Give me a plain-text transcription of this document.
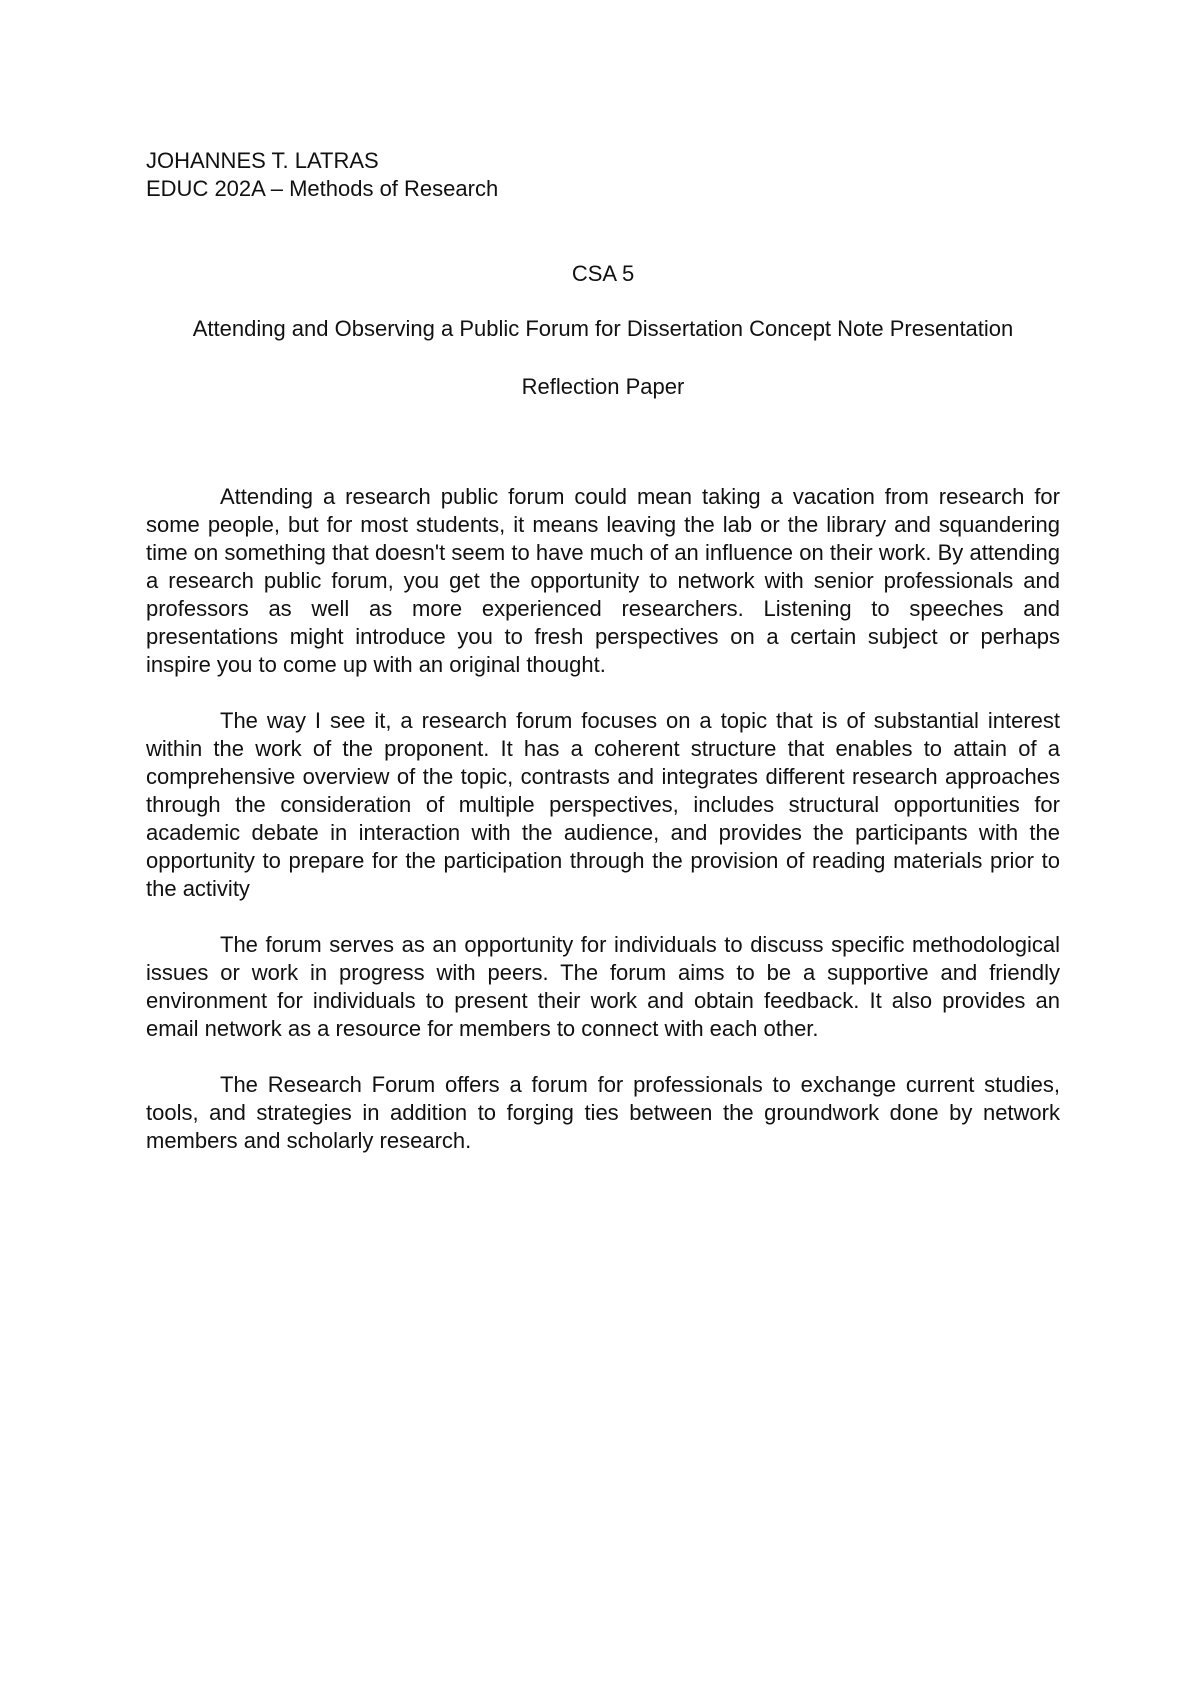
JOHANNES T. LATRAS
EDUC 202A – Methods of Research
CSA 5
Attending and Observing a Public Forum for Dissertation Concept Note Presentation
Reflection Paper

Attending a research public forum could mean taking a vacation from research for some people, but for most students, it means leaving the lab or the library and squandering time on something that doesn't seem to have much of an influence on their work. By attending a research public forum, you get the opportunity to network with senior professionals and professors as well as more experienced researchers. Listening to speeches and presentations might introduce you to fresh perspectives on a certain subject or perhaps inspire you to come up with an original thought.

The way I see it, a research forum focuses on a topic that is of substantial interest within the work of the proponent. It has a coherent structure that enables to attain of a comprehensive overview of the topic, contrasts and integrates different research approaches through the consideration of multiple perspectives, includes structural opportunities for academic debate in interaction with the audience, and provides the participants with the opportunity to prepare for the participation through the provision of reading materials prior to the activity

The forum serves as an opportunity for individuals to discuss specific methodological issues or work in progress with peers. The forum aims to be a supportive and friendly environment for individuals to present their work and obtain feedback. It also provides an email network as a resource for members to connect with each other.

The Research Forum offers a forum for professionals to exchange current studies, tools, and strategies in addition to forging ties between the groundwork done by network members and scholarly research.
